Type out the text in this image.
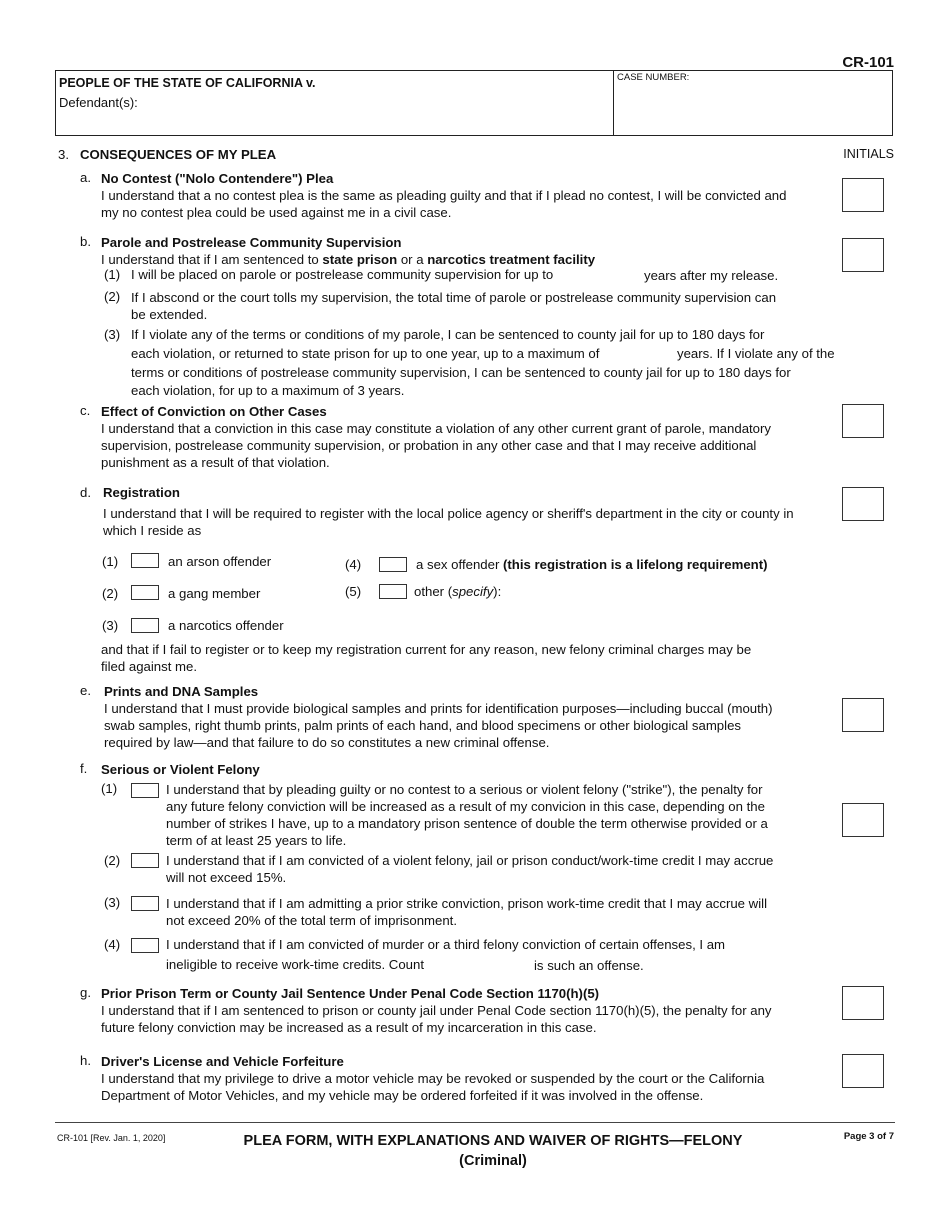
CR-101
PEOPLE OF THE STATE OF CALIFORNIA v.
Defendant(s):
CASE NUMBER:
3. CONSEQUENCES OF MY PLEA	INITIALS
a. No Contest ("Nolo Contendere") Plea
I understand that a no contest plea is the same as pleading guilty and that if I plead no contest, I will be convicted and
my no contest plea could be used against me in a civil case.
b. Parole and Postrelease Community Supervision
I understand that if I am sentenced to state prison or a narcotics treatment facility
(1) I will be placed on parole or postrelease community supervision for up to	years after my release.
(2) If I abscond or the court tolls my supervision, the total time of parole or postrelease community supervision can
be extended.
(3) If I violate any of the terms or conditions of my parole, I can be sentenced to county jail for up to 180 days for
each violation, or returned to state prison for up to one year, up to a maximum of	years. If I violate any of the
terms or conditions of postrelease community supervision, I can be sentenced to county jail for up to 180 days for
each violation, for up to a maximum of 3 years.
c. Effect of Conviction on Other Cases
I understand that a conviction in this case may constitute a violation of any other current grant of parole, mandatory
supervision, postrelease community supervision, or probation in any other case and that I may receive additional
punishment as a result of that violation.
d. Registration
I understand that I will be required to register with the local police agency or sheriff's department in the city or county in
which I reside as
(1)	an arson offender	(4)	a sex offender (this registration is a lifelong requirement)
(2)	a gang member	(5)	other (specify):
(3)	a narcotics offender
and that if I fail to register or to keep my registration current for any reason, new felony criminal charges may be
filed against me.
e. Prints and DNA Samples
I understand that I must provide biological samples and prints for identification purposes—including buccal (mouth)
swab samples, right thumb prints, palm prints of each hand, and blood specimens or other biological samples
required by law—and that failure to do so constitutes a new criminal offense.
f. Serious or Violent Felony
(1)	I understand that by pleading guilty or no contest to a serious or violent felony ("strike"), the penalty for
any future felony conviction will be increased as a result of my convicion in this case, depending on the
number of strikes I have, up to a mandatory prison sentence of double the term otherwise provided or a
term of at least 25 years to life.
(2)	I understand that if I am convicted of a violent felony, jail or prison conduct/work-time credit I may accrue
will not exceed 15%.
(3)	I understand that if I am admitting a prior strike conviction, prison work-time credit that I may accrue will
not exceed 20% of the total term of imprisonment.
(4)	I understand that if I am convicted of murder or a third felony conviction of certain offenses, I am
ineligible to receive work-time credits. Count	is such an offense.
g. Prior Prison Term or County Jail Sentence Under Penal Code Section 1170(h)(5)
I understand that if I am sentenced to prison or county jail under Penal Code section 1170(h)(5), the penalty for any
future felony conviction may be increased as a result of my incarceration in this case.
h. Driver's License and Vehicle Forfeiture
I understand that my privilege to drive a motor vehicle may be revoked or suspended by the court or the California
Department of Motor Vehicles, and my vehicle may be ordered forfeited if it was involved in the offense.
CR-101 [Rev. Jan. 1, 2020]	PLEA FORM, WITH EXPLANATIONS AND WAIVER OF RIGHTS—FELONY
(Criminal)
Page 3 of 7
